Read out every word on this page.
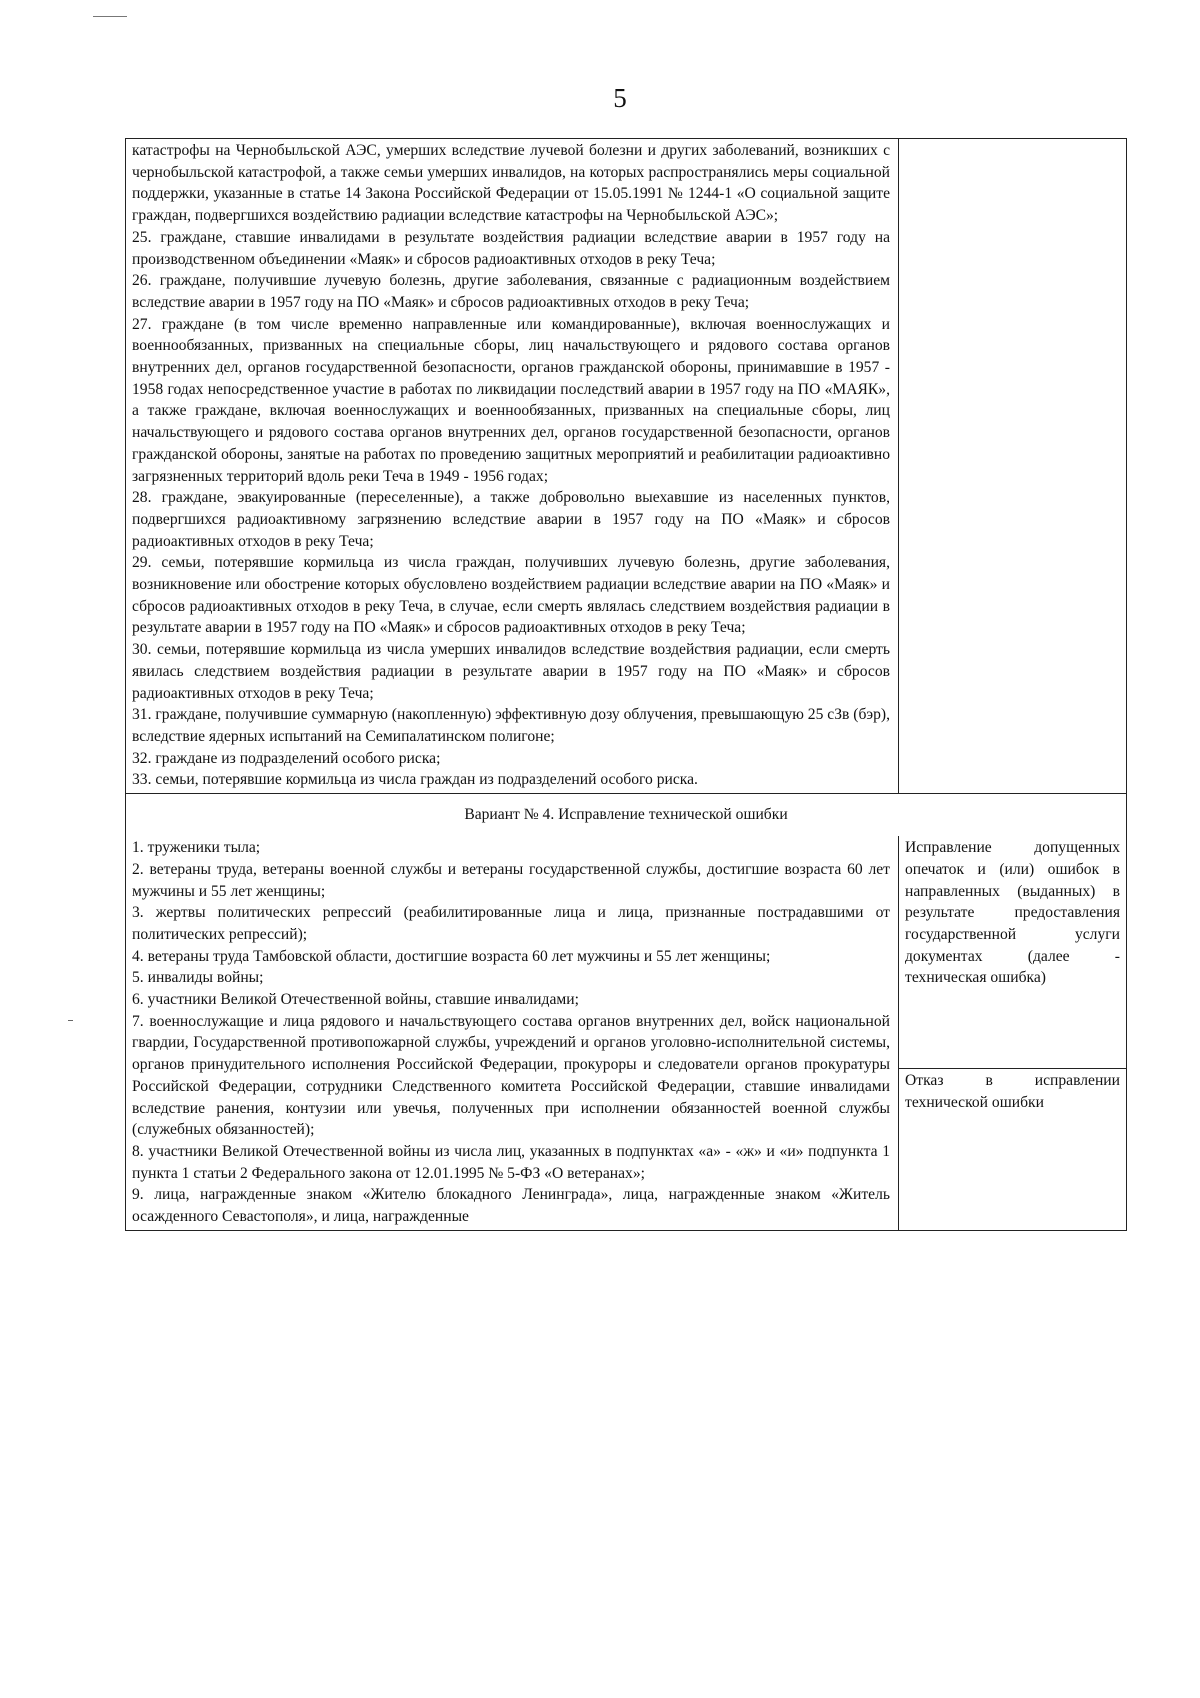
5

катастрофы на Чернобыльской АЭС, умерших вследствие лучевой болезни и других заболеваний, возникших с чернобыльской катастрофой, а также семьи умерших инвалидов, на которых распространялись меры социальной поддержки, указанные в статье 14 Закона Российской Федерации от 15.05.1991 № 1244-1 «О социальной защите граждан, подвергшихся воздействию радиации вследствие катастрофы на Чернобыльской АЭС»;

25. граждане, ставшие инвалидами в результате воздействия радиации вследствие аварии в 1957 году на производственном объединении «Маяк» и сбросов радиоактивных отходов в реку Теча;

26. граждане, получившие лучевую болезнь, другие заболевания, связанные с радиационным воздействием вследствие аварии в 1957 году на ПО «Маяк» и сбросов радиоактивных отходов в реку Теча;

27. граждане (в том числе временно направленные или командированные), включая военнослужащих и военнообязанных, призванных на специальные сборы, лиц начальствующего и рядового состава органов внутренних дел, органов государственной безопасности, органов гражданской обороны, принимавшие в 1957 - 1958 годах непосредственное участие в работах по ликвидации последствий аварии в 1957 году на ПО «МАЯК», а также граждане, включая военнослужащих и военнообязанных, призванных на специальные сборы, лиц начальствующего и рядового состава органов внутренних дел, органов государственной безопасности, органов гражданской обороны, занятые на работах по проведению защитных мероприятий и реабилитации радиоактивно загрязненных территорий вдоль реки Теча в 1949 - 1956 годах;

28. граждане, эвакуированные (переселенные), а также добровольно выехавшие из населенных пунктов, подвергшихся радиоактивному загрязнению вследствие аварии в 1957 году на ПО «Маяк» и сбросов радиоактивных отходов в реку Теча;

29. семьи, потерявшие кормильца из числа граждан, получивших лучевую болезнь, другие заболевания, возникновение или обострение которых обусловлено воздействием радиации вследствие аварии на ПО «Маяк» и сбросов радиоактивных отходов в реку Теча, в случае, если смерть являлась следствием воздействия радиации в результате аварии в 1957 году на ПО «Маяк» и сбросов радиоактивных отходов в реку Теча;

30. семьи, потерявшие кормильца из числа умерших инвалидов вследствие воздействия радиации, если смерть явилась следствием воздействия радиации в результате аварии в 1957 году на ПО «Маяк» и сбросов радиоактивных отходов в реку Теча;

31. граждане, получившие суммарную (накопленную) эффективную дозу облучения, превышающую 25 сЗв (бэр), вследствие ядерных испытаний на Семипалатинском полигоне;

32. граждане из подразделений особого риска;

33. семьи, потерявшие кормильца из числа граждан из подразделений особого риска.

Вариант № 4. Исправление технической ошибки

1. труженики тыла;

2. ветераны труда, ветераны военной службы и ветераны государственной службы, достигшие возраста 60 лет мужчины и 55 лет женщины;

3. жертвы политических репрессий (реабилитированные лица и лица, признанные пострадавшими от политических репрессий);

4. ветераны труда Тамбовской области, достигшие возраста 60 лет мужчины и 55 лет женщины;

5. инвалиды войны;

6. участники Великой Отечественной войны, ставшие инвалидами;

7. военнослужащие и лица рядового и начальствующего состава органов внутренних дел, войск национальной гвардии, Государственной противопожарной службы, учреждений и органов уголовно-исполнительной системы, органов принудительного исполнения Российской Федерации, прокуроры и следователи органов прокуратуры Российской Федерации, сотрудники Следственного комитета Российской Федерации, ставшие инвалидами вследствие ранения, контузии или увечья, полученных при исполнении обязанностей военной службы (служебных обязанностей);

8. участники Великой Отечественной войны из числа лиц, указанных в подпунктах «а» - «ж» и «и» подпункта 1 пункта 1 статьи 2 Федерального закона от 12.01.1995 № 5-ФЗ «О ветеранах»;

9. лица, награжденные знаком «Жителю блокадного Ленинграда», лица, награжденные знаком «Житель осажденного Севастополя», и лица, награжденные

Исправление допущенных опечаток и (или) ошибок в направленных (выданных) в результате предоставления государственной услуги документах (далее - техническая ошибка)
Отказ в исправлении технической ошибки
